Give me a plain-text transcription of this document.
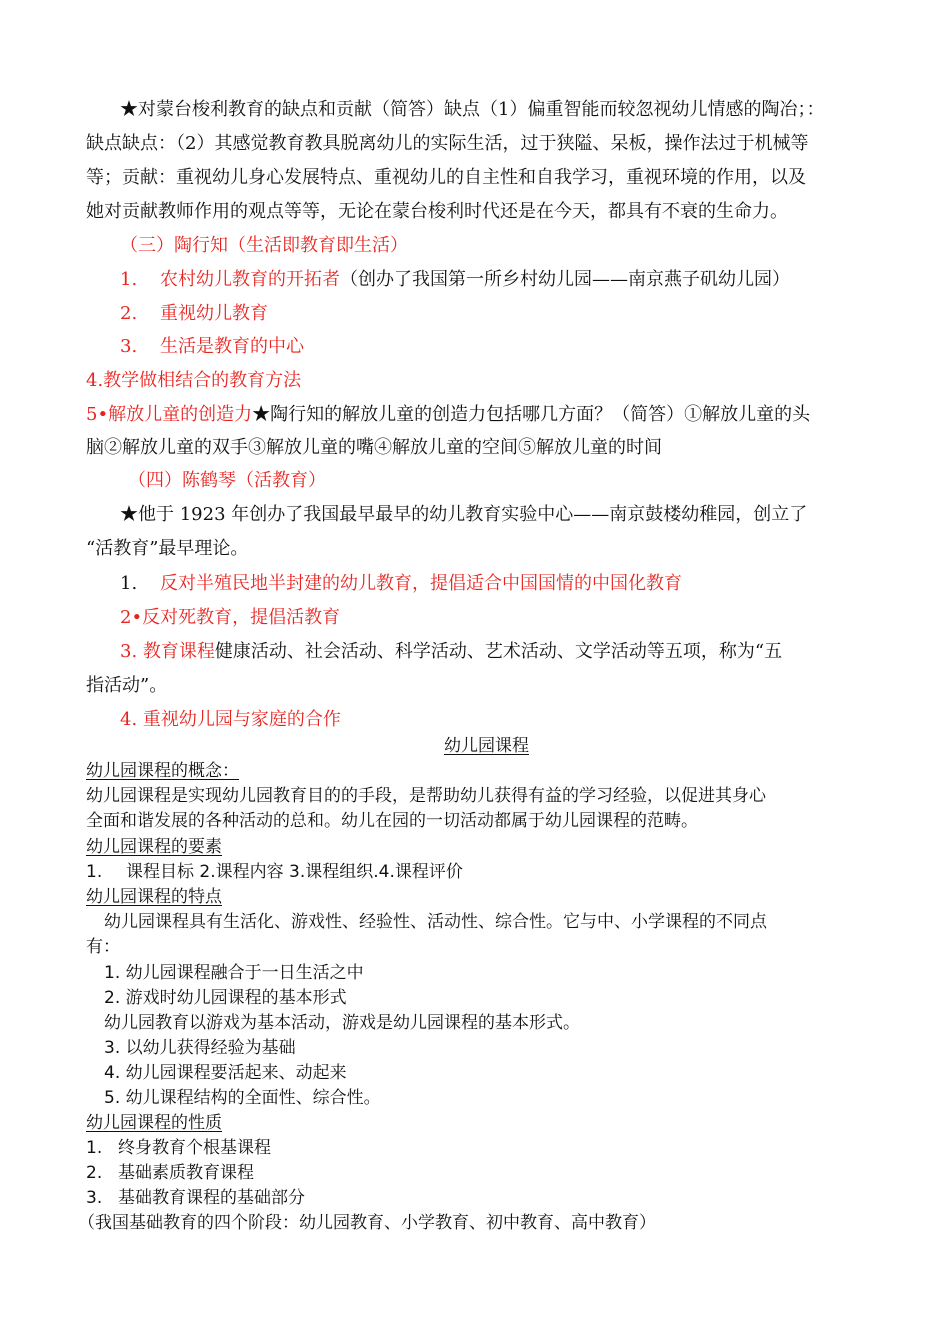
★对蒙台梭利教育的缺点和贡献（简答）缺点（1）偏重智能而较忽视幼儿情感的陶冶；：
缺点缺点：（2）其感觉教育教具脱离幼儿的实际生活，过于狭隘、呆板，操作法过于机械等
等；贡献：重视幼儿身心发展特点、重视幼儿的自主性和自我学习，重视环境的作用，以及
她对贡献教师作用的观点等等，无论在蒙台梭利时代还是在今天，都具有不衰的生命力。
（三）陶行知（生活即教育即生活）
1. 农村幼儿教育的开拓者（创办了我国第一所乡村幼儿园——南京燕子矶幼儿园）
2. 重视幼儿教育
3. 生活是教育的中心
4.教学做相结合的教育方法
5•解放儿童的创造力★陶行知的解放儿童的创造力包括哪几方面？（简答）①解放儿童的头
脑②解放儿童的双手③解放儿童的嘴④解放儿童的空间⑤解放儿童的时间
（四）陈鹤琴（活教育）
★他于 1923 年创办了我国最早最早的幼儿教育实验中心——南京鼓楼幼稚园，创立了
“活教育”最早理论。
1. 反对半殖民地半封建的幼儿教育，提倡适合中国国情的中国化教育
2•反对死教育，提倡活教育
3. 教育课程健康活动、社会活动、科学活动、艺术活动、文学活动等五项，称为“五
指活动”。
4. 重视幼儿园与家庭的合作
幼儿园课程
幼儿园课程的概念：
幼儿园课程是实现幼儿园教育目的的手段，是帮助幼儿获得有益的学习经验，以促进其身心
全面和谐发展的各种活动的总和。幼儿在园的一切活动都属于幼儿园课程的范畴。
幼儿园课程的要素
1. 课程目标 2.课程内容 3.课程组织.4.课程评价
幼儿园课程的特点
幼儿园课程具有生活化、游戏性、经验性、活动性、综合性。它与中、小学课程的不同点
有：
1. 幼儿园课程融合于一日生活之中
2. 游戏时幼儿园课程的基本形式
幼儿园教育以游戏为基本活动，游戏是幼儿园课程的基本形式。
3. 以幼儿获得经验为基础
4. 幼儿园课程要活起来、动起来
5. 幼儿课程结构的全面性、综合性。
幼儿园课程的性质
1. 终身教育个根基课程
2. 基础素质教育课程
3. 基础教育课程的基础部分
（我国基础教育的四个阶段：幼儿园教育、小学教育、初中教育、高中教育）
